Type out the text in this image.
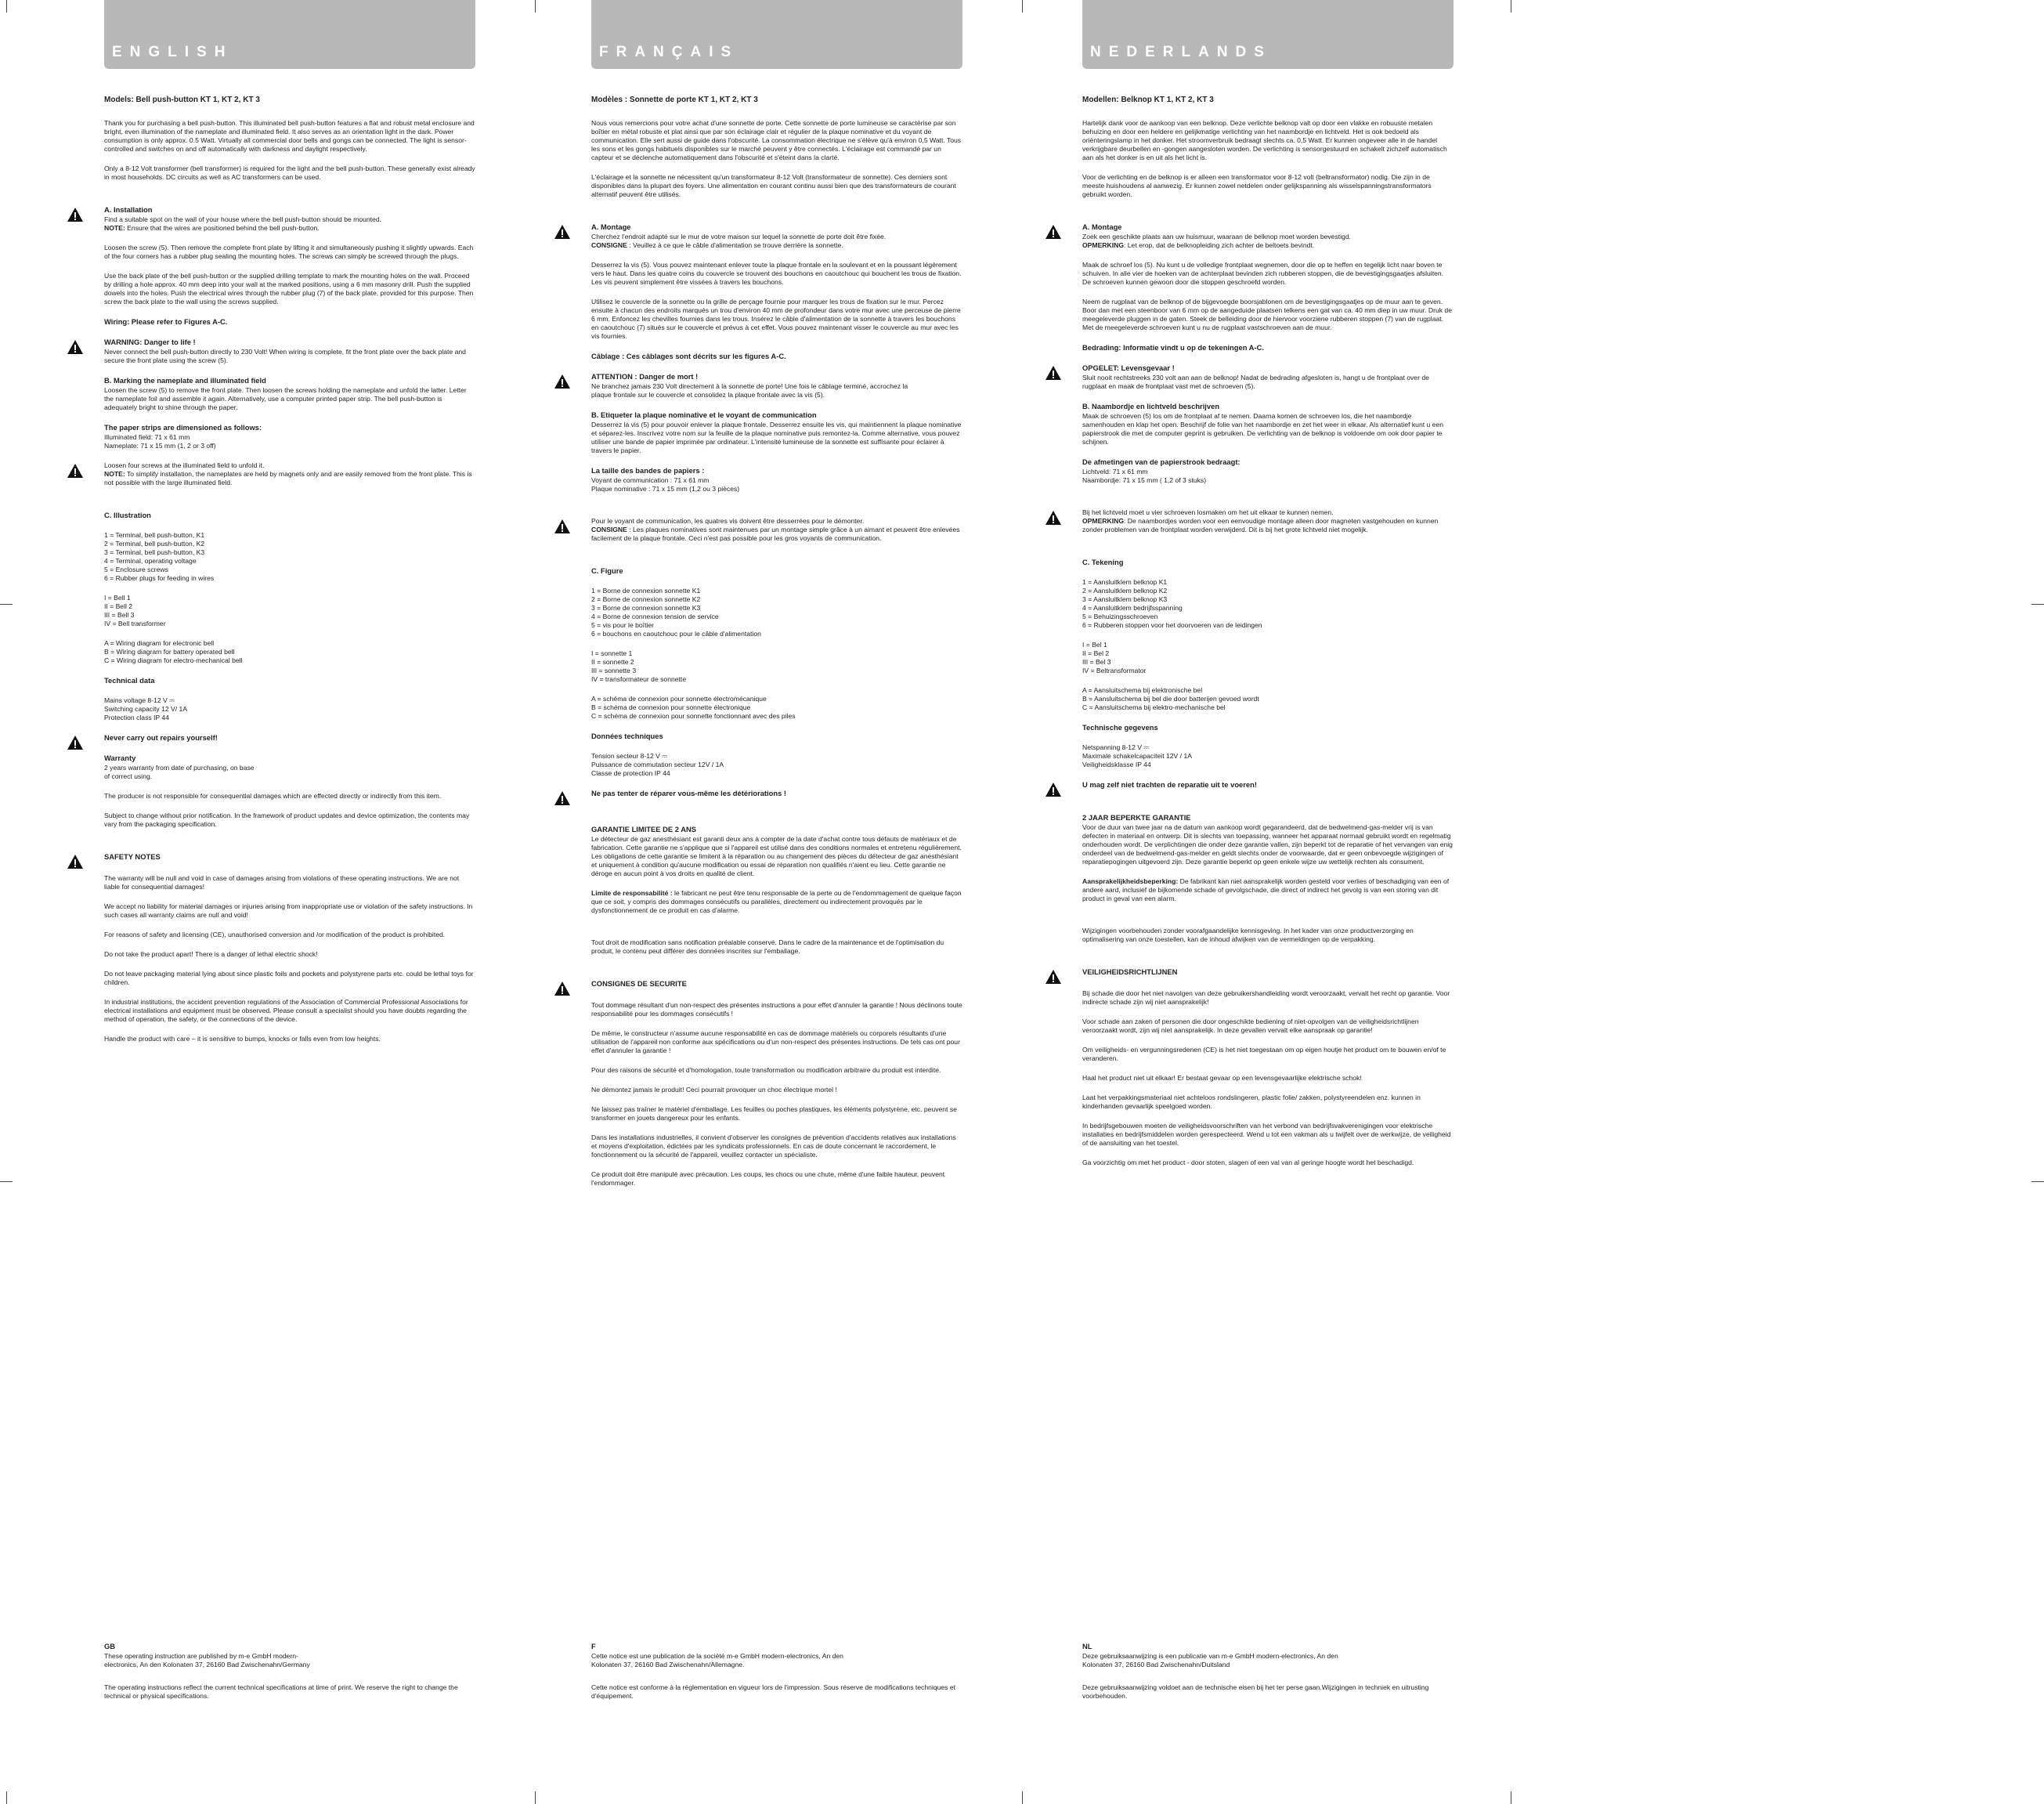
ENGLISH
Models: Bell push-button KT 1, KT 2, KT 3

Thank you for purchasing a bell push-button. This illuminated bell push-button features a flat and robust metal enclosure and bright, even illumination of the nameplate and illuminated field. It also serves as an orientation light in the dark. Power consumption is only approx. 0.5 Watt. Virtually all commercial door bells and gongs can be connected. The light is sensor-controlled and switches on and off automatically with darkness and daylight respectively.

Only a 8-12 Volt transformer (bell transformer) is required for the light and the bell push-button. These generally exist already in most households. DC circuits as well as AC transformers can be used.

A. Installation

Find a suitable spot on the wall of your house where the bell push-button should be mounted.
NOTE: Ensure that the wires are positioned behind the bell push-button.

Loosen the screw (5). Then remove the complete front plate by lifting it and simultaneously pushing it slightly upwards. Each of the four corners has a rubber plug sealing the mounting holes. The screws can simply be screwed through the plugs.

Use the back plate of the bell push-button or the supplied drilling template to mark the mounting holes on the wall. Proceed by drilling a hole approx. 40 mm deep into your wall at the marked positions, using a 6 mm masonry drill. Push the supplied dowels into the holes. Push the electrical wires through the rubber plug (7) of the back plate, provided for this purpose. Then screw the back plate to the wall using the screws supplied.

Wiring: Please refer to Figures A-C.
WARNING: Danger to life !

Never connect the bell push-button directly to 230 Volt! When wiring is complete, fit the front plate over the back plate and secure the front plate using the screw (5).

B. Marking the nameplate and illuminated field

Loosen the screw (5) to remove the front plate. Then loosen the screws holding the nameplate and unfold the latter. Letter the nameplate foil and assemble it again. Alternatively, use a computer printed paper strip. The bell push-button is adequately bright to shine through the paper.

The paper strips are dimensioned as follows:

Illuminated field: 71 x 61 mm
Nameplate: 71 x 15 mm (1, 2 or 3 off)

Loosen four screws at the illuminated field to unfold it.
NOTE: To simplify installation, the nameplates are held by magnets only and are easily removed from the front plate. This is not possible with the large illuminated field.

C. Illustration

1 = Terminal, bell push-button, K1
2 = Terminal, bell push-button, K2
3 = Terminal, bell push-button, K3
4 = Terminal, operating voltage
5 = Enclosure screws
6 = Rubber plugs for feeding in wires

I = Bell 1
II = Bell 2
III = Bell 3
IV = Bell transformer

A = Wiring diagram for electronic bell
B = Wiring diagram for battery operated bell
C = Wiring diagram for electro-mechanical bell

Technical data

Mains voltage 8-12 V ⎓
Switching capacity 12 V/ 1A
Protection class IP 44

Never carry out repairs yourself!
Warranty

2 years warranty from date of purchasing, on base of correct using.

The producer is not responsible for consequential damages which are effected directly or indirectly from this item.

Subject to change without prior notification. In the framework of product updates and device optimization, the contents may vary from the packaging specification.

SAFETY NOTES

The warranty will be null and void in case of damages arising from violations of these operating instructions. We are not liable for consequential damages!

We accept no liability for material damages or injuries arising from inappropriate use or violation of the safety instructions. In such cases all warranty claims are null and void!

For reasons of safety and licensing (CE), unauthorised conversion and /or modification of the product is prohibited.

Do not take the product apart! There is a danger of lethal electric shock!

Do not leave packaging material lying about since plastic foils and pockets and polystyrene parts etc. could be lethal toys for children.

In industrial institutions, the accident prevention regulations of the Association of Commercial Professional Associations for electrical installations and equipment must be observed. Please consult a specialist should you have doubts regarding the method of operation, the safety, or the connections of the device.

Handle the product with care – it is sensitive to bumps, knocks or falls even from low heights.

GB

These operating instruction are published by m-e GmbH modern-electronics, An den Kolonaten 37, 26160 Bad Zwischenahn/Germany

The operating instructions reflect the current technical specifications at time of print. We reserve the right to change the technical or physical specifications.

FRANÇAIS
Modèles : Sonnette de porte KT 1, KT 2, KT 3

Nous vous remercions pour votre achat d'une sonnette de porte. Cette sonnette de porte lumineuse se caractérise par son boîtier en métal robuste et plat ainsi que par son éclairage clair et régulier de la plaque nominative et du voyant de communication. Elle sert aussi de guide dans l'obscurité. La consommation électrique ne s'élève qu'à environ 0,5 Watt. Tous les sons et les gongs habituels disponibles sur le marché peuvent y être connectés. L'éclairage est commandé par un capteur et se déclenche automatiquement dans l'obscurité et s'éteint dans la clarté.

L'éclairage et la sonnette ne nécessitent qu'un transformateur 8-12 Volt (transformateur de sonnette). Ces derniers sont disponibles dans la plupart des foyers. Une alimentation en courant continu aussi bien que des transformateurs de courant alternatif peuvent être utilisés.

A. Montage

Cherchez l'endroit adapté sur le mur de votre maison sur lequel la sonnette de porte doit être fixée.
CONSIGNE : Veuillez à ce que le câble d'alimentation se trouve derrière la sonnette.

Desserrez la vis (5). Vous pouvez maintenant enlever toute la plaque frontale en la soulevant et en la poussant légèrement vers le haut. Dans les quatre coins du couvercle se trouvent des bouchons en caoutchouc qui bouchent les trous de fixation. Les vis peuvent simplement être vissées à travers les bouchons.

Utilisez le couvercle de la sonnette ou la grille de perçage fournie pour marquer les trous de fixation sur le mur. Percez ensuite à chacun des endroits marqués un trou d'environ 40 mm de profondeur dans votre mur avec une perceuse de pierre 6 mm. Enfoncez les chevilles fournies dans les trous. Insérez le câble d'alimentation de la sonnette à travers les bouchons en caoutchouc (7) situés sur le couvercle et prévus à cet effet. Vous pouvez maintenant visser le couvercle au mur avec les vis fournies.

Câblage : Ces câblages sont décrits sur les figures A-C.
ATTENTION : Danger de mort !

Ne branchez jamais 230 Volt directement à la sonnette de porte! Une fois le câblage terminé, accrochez la plaque frontale sur le couvercle et consolidez la plaque frontale avec la vis (5).

B. Etiqueter la plaque nominative et le voyant de communication

Desserrez la vis (5) pour pouvoir enlever la plaque frontale. Desserrez ensuite les vis, qui maintiennent la plaque nominative et séparez-les. Inscrivez votre nom sur la feuille de la plaque nominative puis remontez-la. Comme alternative, vous pouvez utiliser une bande de papier imprimée par ordinateur. L'intensité lumineuse de la sonnette est suffisante pour éclairer à travers le papier.

La taille des bandes de papiers :

Voyant de communication : 71 x 61 mm
Plaque nominative : 71 x 15 mm (1,2 ou 3 pièces)

Pour le voyant de communication, les quatres vis doivent être desserrées pour le démonter.
CONSIGNE : Les plaques nominatives sont maintenues par un montage simple grâce à un aimant et peuvent être enlevées facilement de la plaque frontale. Ceci n'est pas possible pour les gros voyants de communication.

C. Figure

1 = Borne de connexion sonnette K1
2 = Borne de connexion sonnette K2
3 = Borne de connexion sonnette K3
4 = Borne de connexion tension de service
5 = vis pour le boîtier
6 = bouchons en caoutchouc pour le câble d'alimentation

I = sonnette 1
II = sonnette 2
III = sonnette 3
IV = transformateur de sonnette

A = schéma de connexion pour sonnette électromécanique
B = schéma de connexion pour sonnette électronique
C = schéma de connexion pour sonnette fonctionnant avec des piles

Données techniques

Tension secteur 8-12 V ⎓
Puissance de commutation secteur 12V / 1A
Classe de protection IP 44

Ne pas tenter de réparer vous-même les détériorations !
GARANTIE LIMITEE DE 2 ANS

Le détecteur de gaz anesthésiant est garanti deux ans à compter de la date d'achat contre tous défauts de matériaux et de fabrication. Cette garantie ne s'applique que si l'appareil est utilisé dans des conditions normales et entretenu régulièrement. Les obligations de cette garantie se limitent à la réparation ou au changement des pièces du détecteur de gaz anesthésiant et uniquement à condition qu'aucune modification ou essai de réparation non qualifiés n'aient eu lieu. Cette garantie ne déroge en aucun point à vos droits en qualité de client.

Limite de responsabilité : le fabricant ne peut être tenu responsable de la perte ou de l'endommagement de quelque façon que ce soit, y compris des dommages consécutifs ou parallèles, directement ou indirectement provoqués par le dysfonctionnement de ce produit en cas d'alarme.

Tout droit de modification sans notification préalable conservé. Dans le cadre de la maintenance et de l'optimisation du produit, le contenu peut différer des données inscrites sur l'emballage.

CONSIGNES DE SECURITE

Tout dommage résultant d'un non-respect des présentes instructions a pour effet d'annuler la garantie ! Nous déclinons toute responsabilité pour les dommages consécutifs !

De même, le constructeur n'assume aucune responsabilité en cas de dommage matériels ou corporels résultants d'une utilisation de l'appareil non conforme aux spécifications ou d'un non-respect des présentes instructions. De tels cas ont pour effet d'annuler la garantie !

Pour des raisons de sécurité et d'homologation, toute transformation ou modification arbitraire du produit est interdite.

Ne démontez jamais le produit! Ceci pourrait provoquer un choc électrique mortel !

Ne laissez pas traîner le matériel d'emballage. Les feuilles ou poches plastiques, les éléments polystyrène, etc. peuvent se transformer en jouets dangereux pour les enfants.

Dans les installations industrielles, il convient d'observer les consignes de prévention d'accidents relatives aux installations et moyens d'exploitation, édictées par les syndicats professionnels. En cas de doute concernant le raccordement, le fonctionnement ou la sécurité de l'appareil, veuillez contacter un spécialiste.

Ce produit doit être manipulé avec précaution. Les coups, les chocs ou une chute, même d'une faible hauteur, peuvent l'endommager.

F

Cette notice est une publication de la société m-e GmbH modern-electronics, An den Kolonaten 37, 26160 Bad Zwischenahn/Allemagne.

Cette notice est conforme à la réglementation en vigueur lors de l'impression. Sous réserve de modifications techniques et d'équipement.

NEDERLANDS
Modellen: Belknop KT 1, KT 2, KT 3

Hartelijk dank voor de aankoop van een belknop. Deze verlichte belknop valt op door een vlakke en robuuste metalen behuizing en door een heldere en gelijkmatige verlichting van het naambordje en lichtveld. Het is ook bedoeld als oriënteringslamp in het donker. Het stroomverbruik bedraagt slechts ca. 0,5 Watt. Er kunnen ongeveer alle in de handel verkrijgbare deurbellen en -gongen aangesloten worden. De verlichting is sensorgestuurd en schakelt zichzelf automatisch aan als het donker is en uit als het licht is.

Voor de verlichting en de belknop is er alleen een transformator voor 8-12 volt (beltransformator) nodig. Die zijn in de meeste huishoudens al aanwezig. Er kunnen zowel netdelen onder gelijkspanning als wisselspanningstransformators gebruikt worden.

A. Montage

Zoek een geschikte plaats aan uw huismuur, waaraan de belknop moet worden bevestigd.
OPMERKING: Let erop, dat de belknopleiding zich achter de beltoets bevindt.

Maak de schroef los (5). Nu kunt u de volledige frontplaat wegnemen, door die op te heffen en tegelijk licht naar boven te schuiven. In alle vier de hoeken van de achterplaat bevinden zich rubberen stoppen, die de bevestigingsgaatjes afsluiten. De schroeven kunnen gewoon door die stoppen geschroefd worden.

Neem de rugplaat van de belknop of de bijgevoegde boorsjablonen om de bevestigingsgaatjes op de muur aan te geven. Boor dan met een steenboor van 6 mm op de aangeduide plaatsen telkens een gat van ca. 40 mm diep in uw muur. Druk de meegeleverde pluggen in de gaten. Steek de belleiding door de hiervoor voorziene rubberen stoppen (7) van de rugplaat. Met de meegeleverde schroeven kunt u nu de rugplaat vastschroeven aan de muur.

Bedrading: Informatie vindt u op de tekeningen A-C.
OPGELET: Levensgevaar !

Sluit nooit rechtstreeks 230 volt aan aan de belknop! Nadat de bedrading afgesloten is, hangt u de frontplaat over de rugplaat en maak de frontplaat vast met de schroeven (5).

B. Naambordje en lichtveld beschrijven

Maak de schroeven (5) los om de frontplaat af te nemen. Daarna komen de schroeven los, die het naambordje samenhouden en klap het open. Beschrijf de folie van het naambordje en zet het weer in elkaar. Als alternatief kunt u een papierstrook die met de computer geprint is gebruiken. De verlichting van de belknop is voldoende om ook door papier te schijnen.

De afmetingen van de papierstrook bedraagt:

Lichtveld: 71 x 61 mm
Naambordje: 71 x 15 mm ( 1,2 of 3 stuks)

Bij het lichtveld moet u vier schroeven losmaken om het uit elkaar te kunnen nemen.
OPMERKING: De naambordjes worden voor een eenvoudige montage alleen door magneten vastgehouden en kunnen zonder problemen van de frontplaat worden verwijderd. Dit is bij het grote lichtveld niet mogelijk.

C. Tekening

1 = Aansluitklem belknop K1
2 = Aansluitklem belknop K2
3 = Aansluitklem belknop K3
4 = Aansluitklem bedrijfsspanning
5 = Behuizingsschroeven
6 = Rubberen stoppen voor het doorvoeren van de leidingen

I = Bel 1
II = Bel 2
III = Bel 3
IV = Beltransformator

A = Aansluitschema bij elektronische bel
B = Aansluitschema bij bel die door batterijen gevoed wordt
C = Aansluitschema bij elektro-mechanische bel

Technische gegevens

Netspanning 8-12 V ⎓
Maximale schakelcapaciteit 12V / 1A
Veiligheidsklasse IP 44

U mag zelf niet trachten de reparatie uit te voeren!
2 JAAR BEPERKTE GARANTIE

Voor de duur van twee jaar na de datum van aankoop wordt gegarandeerd, dat de bedwelmend-gas-melder vrij is van defecten in materiaal en ontwerp. Dit is slechts van toepassing, wanneer het apparaat normaal gebruikt wordt en regelmatig onderhouden wordt. De verplichtingen die onder deze garantie vallen, zijn beperkt tot de reparatie of het vervangen van enig onderdeel van de bedwelmend-gas-melder en geldt slechts onder de voorwaarde, dat er geen onbevoegde wijzigingen of reparatiepogingen uitgevoerd zijn. Deze garantie beperkt op geen enkele wijze uw wettelijk rechten als consument.

Aansprakelijkheidsbeperking: De fabrikant kan niet aansprakelijk worden gesteld voor verlies of beschadiging van een of andere aard, inclusief de bijkomende schade of gevolgschade, die direct of indirect het gevolg is van een storing van dit product in geval van een alarm.

Wijzigingen voorbehouden zonder voorafgaandelijke kennisgeving. In het kader van onze productverzorging en optimalisering van onze toestellen, kan de inhoud afwijken van de vermeldingen op de verpakking.

VEILIGHEIDSRICHTLIJNEN

Bij schade die door het niet navolgen van deze gebruikershandleiding wordt veroorzaakt, vervalt het recht op garantie. Voor indirecte schade zijn wij niet aansprakelijk!

Voor schade aan zaken of personen die door ongeschikte bediening of niet-opvolgen van de veiligheidsrichtlijnen veroorzaakt wordt, zijn wij niet aansprakelijk. In deze gevallen vervalt elke aanspraak op garantie!

Om veiligheids- en vergunningsredenen (CE) is het niet toegestaan om op eigen houtje het product om te bouwen en/of te veranderen.

Haal het product niet uit elkaar! Er bestaat gevaar op een levensgevaarlijke elektrische schok!

Laat het verpakkingsmateriaal niet achteloos rondslingeren, plastic folie/ zakken, polystyreendelen enz. kunnen in kinderhanden gevaarlijk speelgoed worden.

In bedrijfsgebouwen moeten de veiligheidsvoorschriften van het verbond van bedrijfsvakverenigingen voor elektrische installaties en bedrijfsmiddelen worden gerespecteerd. Wend u tot een vakman als u twijfelt over de werkwijze, de veiligheid of de aansluiting van het toestel.

Ga voorzichtig om met het product - door stoten, slagen of een val van al geringe hoogte wordt het beschadigd.

NL

Deze gebruiksaanwijzing is een publicatie van m-e GmbH modern-electronics, An den Kolonaten 37, 26160 Bad Zwischenahn/Duitsland

Deze gebruiksaanwijzing voldoet aan de technische eisen bij het ter perse gaan.Wijzigingen in techniek en uitrusting voorbehouden.
